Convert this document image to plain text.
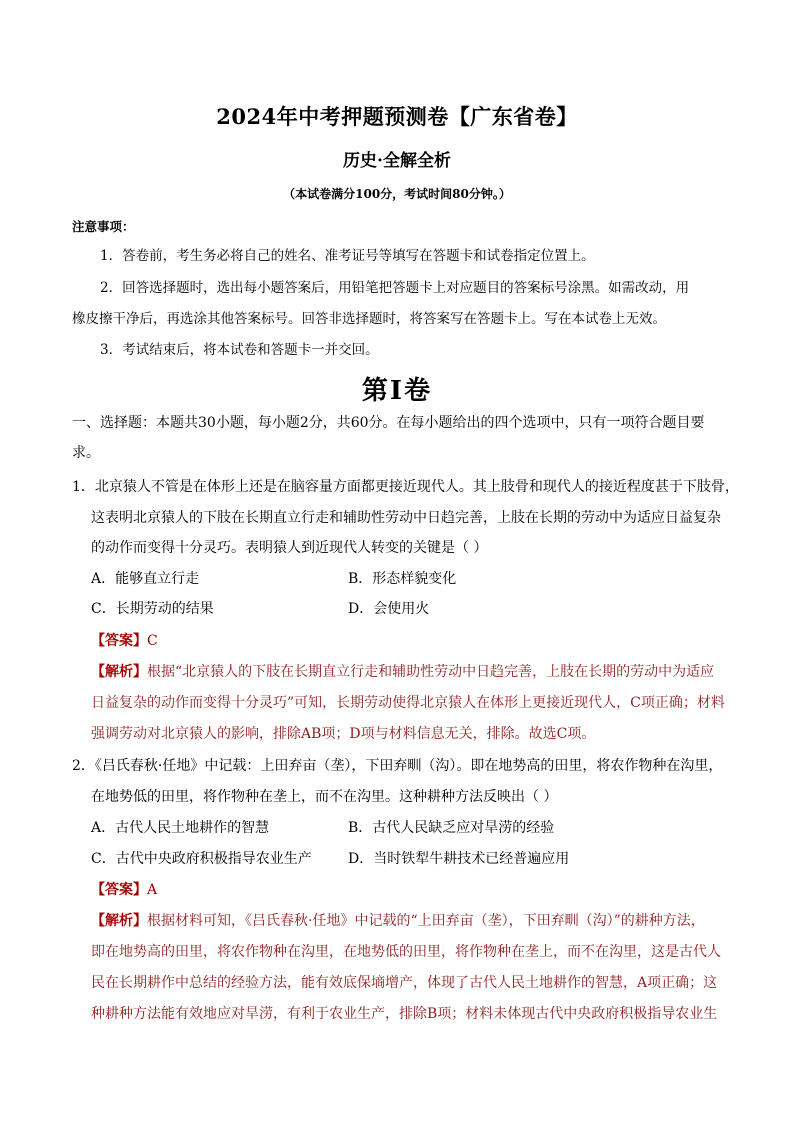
2024年中考押题预测卷【广东省卷】
历史·全解全析
（本试卷满分100分，考试时间80分钟。）
注意事项：
1．答卷前，考生务必将自己的姓名、准考证号等填写在答题卡和试卷指定位置上。
2．回答选择题时，选出每小题答案后，用铅笔把答题卡上对应题目的答案标号涂黑。如需改动，用
橡皮擦干净后，再选涂其他答案标号。回答非选择题时，将答案写在答题卡上。写在本试卷上无效。
3．考试结束后，将本试卷和答题卡一并交回。
第Ⅰ卷
一、选择题：本题共30小题，每小题2分，共60分。在每小题给出的四个选项中，只有一项符合题目要
求。
1．北京猿人不管是在体形上还是在脑容量方面都更接近现代人。其上肢骨和现代人的接近程度甚于下肢骨，
这表明北京猿人的下肢在长期直立行走和辅助性劳动中日趋完善，上肢在长期的劳动中为适应日益复杂
的动作而变得十分灵巧。表明猿人到近现代人转变的关键是（ ）
A．能够直立行走	B．形态样貌变化
C．长期劳动的结果	D．会使用火
【答案】C
【解析】根据“北京猿人的下肢在长期直立行走和辅助性劳动中日趋完善，上肢在长期的劳动中为适应
日益复杂的动作而变得十分灵巧”可知，长期劳动使得北京猿人在体形上更接近现代人，C项正确；材料
强调劳动对北京猿人的影响，排除AB项；D项与材料信息无关，排除。故选C项。
2．《吕氏春秋·任地》中记载：上田弃亩（垄），下田弃甽（沟）。即在地势高的田里，将农作物种在沟里，
在地势低的田里，将作物种在垄上，而不在沟里。这种耕种方法反映出（ ）
A．古代人民土地耕作的智慧	B．古代人民缺乏应对旱涝的经验
C．古代中央政府积极指导农业生产	D．当时铁犁牛耕技术已经普遍应用
【答案】A
【解析】根据材料可知，《吕氏春秋·任地》中记载的“上田弃亩（垄），下田弃甽（沟）”的耕种方法，
即在地势高的田里，将农作物种在沟里，在地势低的田里，将作物种在垄上，而不在沟里，这是古代人
民在长期耕作中总结的经验方法，能有效底保墒增产，体现了古代人民土地耕作的智慧，A项正确；这
种耕种方法能有效地应对旱涝，有利于农业生产，排除B项；材料未体现古代中央政府积极指导农业生
